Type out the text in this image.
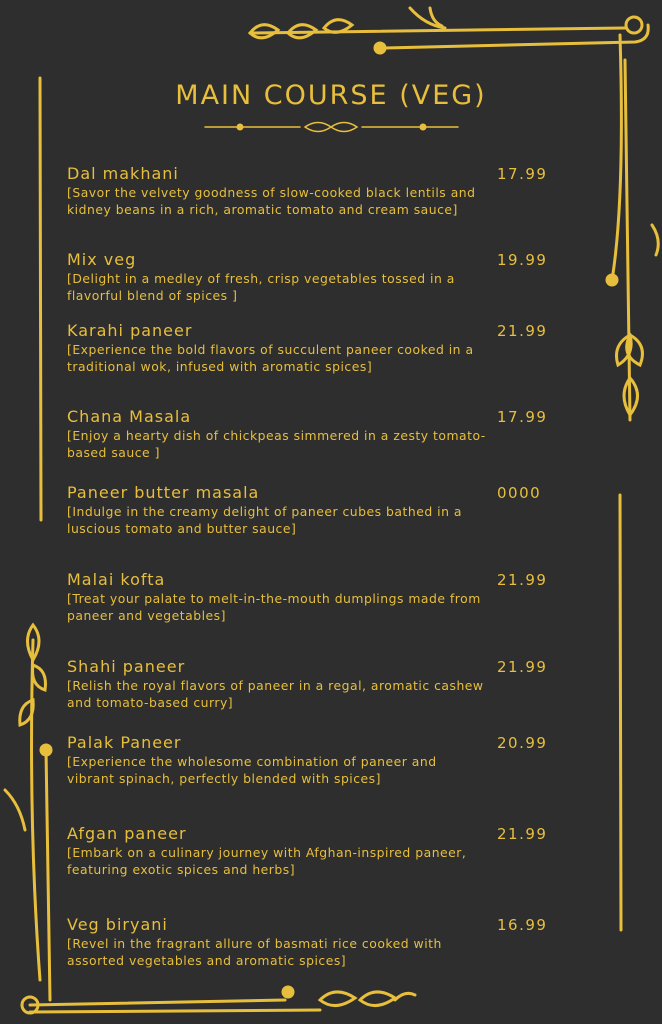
MAIN COURSE (VEG)
Dal makhani
[Savor the velvety goodness of slow-cooked black lentils and kidney beans in a rich, aromatic tomato and cream sauce]
17.99
Mix veg
[Delight in a medley of fresh, crisp vegetables tossed in a flavorful blend of spices ]
19.99
Karahi paneer
[Experience the bold flavors of succulent paneer cooked in a traditional wok, infused with aromatic spices]
21.99
Chana Masala
[Enjoy a hearty dish of chickpeas simmered in a zesty tomato-based sauce ]
17.99
Paneer butter masala
[Indulge in the creamy delight of paneer cubes bathed in a luscious tomato and butter sauce]
0000
Malai kofta
[Treat your palate to melt-in-the-mouth dumplings made from paneer and vegetables]
21.99
Shahi paneer
[Relish the royal flavors of paneer in a regal, aromatic cashew and tomato-based curry]
21.99
Palak Paneer
[Experience the wholesome combination of paneer and vibrant spinach, perfectly blended with spices]
20.99
Afgan paneer
[Embark on a culinary journey with Afghan-inspired paneer, featuring exotic spices and herbs]
21.99
Veg biryani
[Revel in the fragrant allure of basmati rice cooked with assorted vegetables and aromatic spices]
16.99
